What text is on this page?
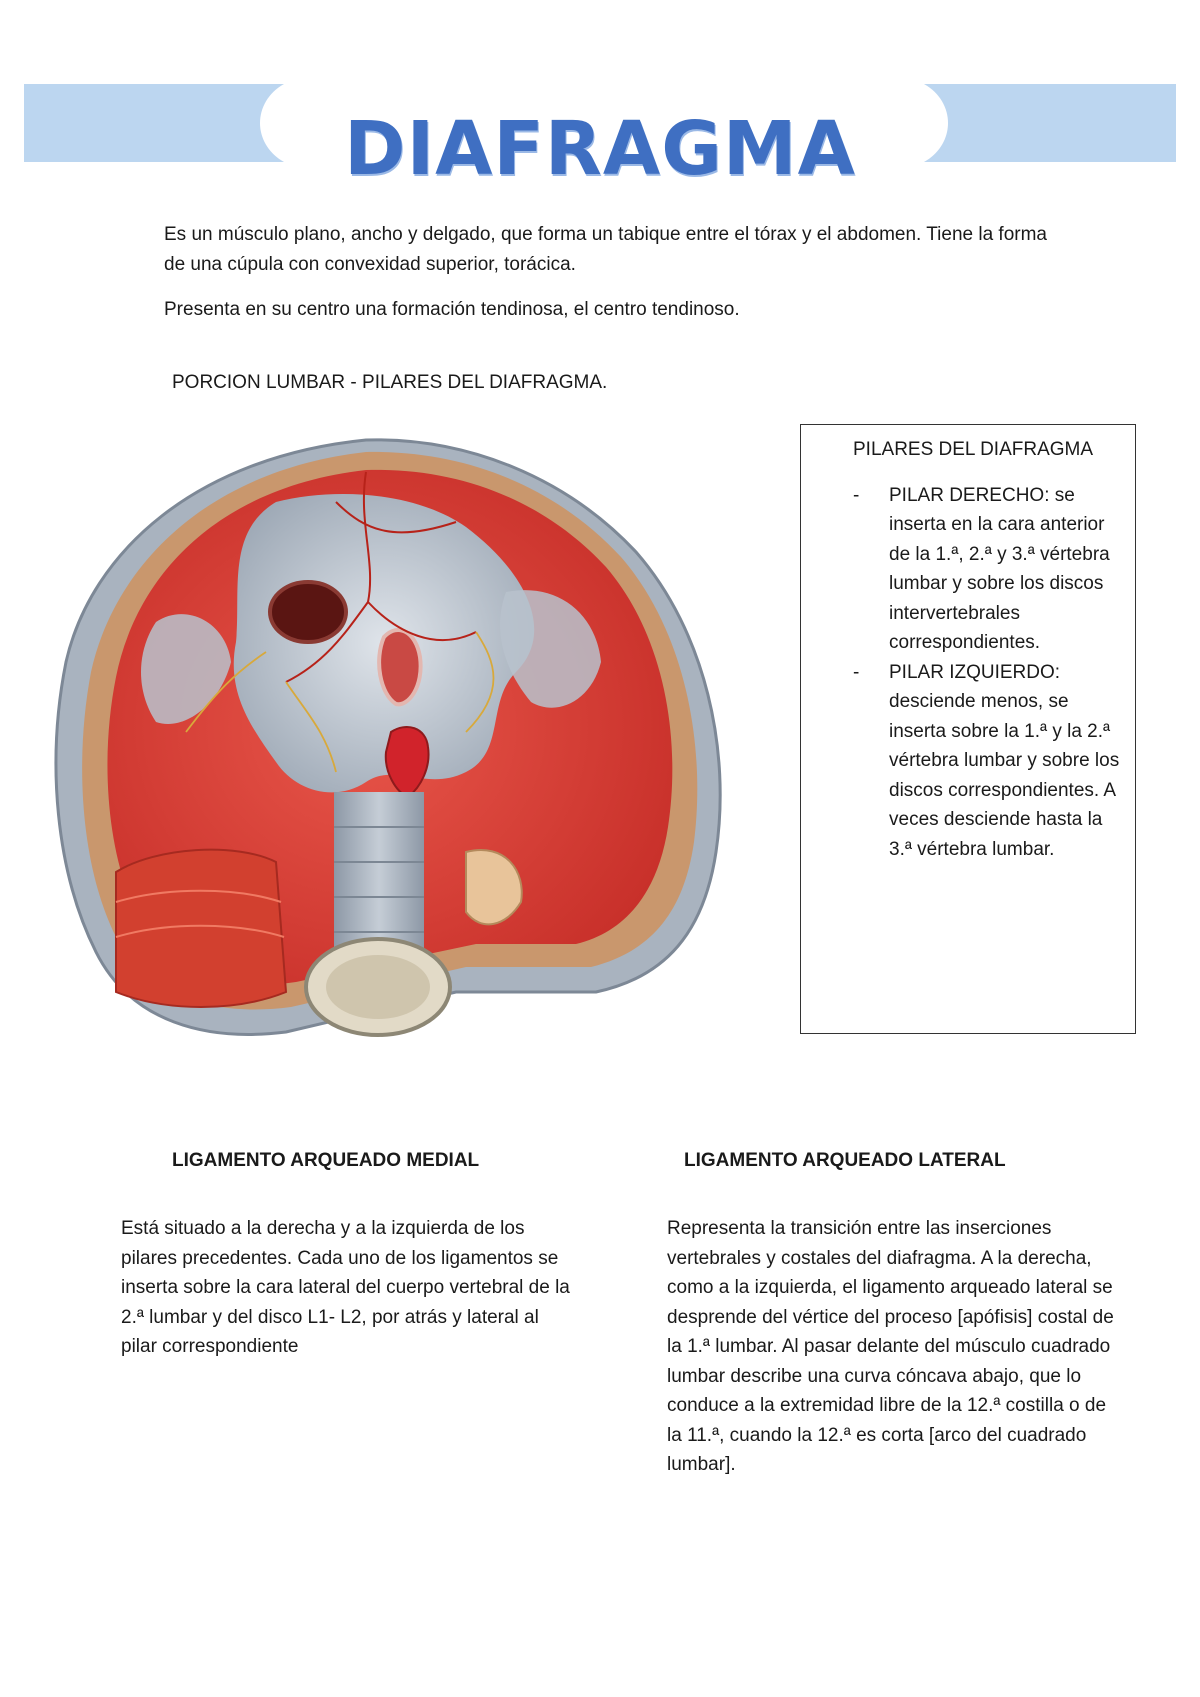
DIAFRAGMA

Es un músculo plano, ancho y delgado, que forma un tabique entre el tórax y el abdomen. Tiene la forma de una cúpula con convexidad superior, torácica.

Presenta en su centro una formación tendinosa, el centro tendinoso.

PORCION LUMBAR - PILARES DEL DIAFRAGMA.

PILARES DEL DIAFRAGMA
- PILAR DERECHO: se inserta en la cara anterior de la 1.ª, 2.ª y 3.ª vértebra lumbar y sobre los discos intervertebrales correspondientes.
- PILAR IZQUIERDO: desciende menos, se inserta sobre la 1.ª y la 2.ª vértebra lumbar y sobre los discos correspondientes. A veces desciende hasta la 3.ª vértebra lumbar.
LIGAMENTO ARQUEADO MEDIAL

Está situado a la derecha y a la izquierda de los pilares precedentes. Cada uno de los ligamentos se inserta sobre la cara lateral del cuerpo vertebral de la 2.ª lumbar y del disco L1- L2, por atrás y lateral al pilar correspondiente

LIGAMENTO ARQUEADO LATERAL

Representa la transición entre las inserciones vertebrales y costales del diafragma. A la derecha, como a la izquierda, el ligamento arqueado lateral se desprende del vértice del proceso [apófisis] costal de la 1.ª lumbar. Al pasar delante del músculo cuadrado lumbar describe una curva cóncava abajo, que lo conduce a la extremidad libre de la 12.ª costilla o de la 11.ª, cuando la 12.ª es corta [arco del cuadrado lumbar].
